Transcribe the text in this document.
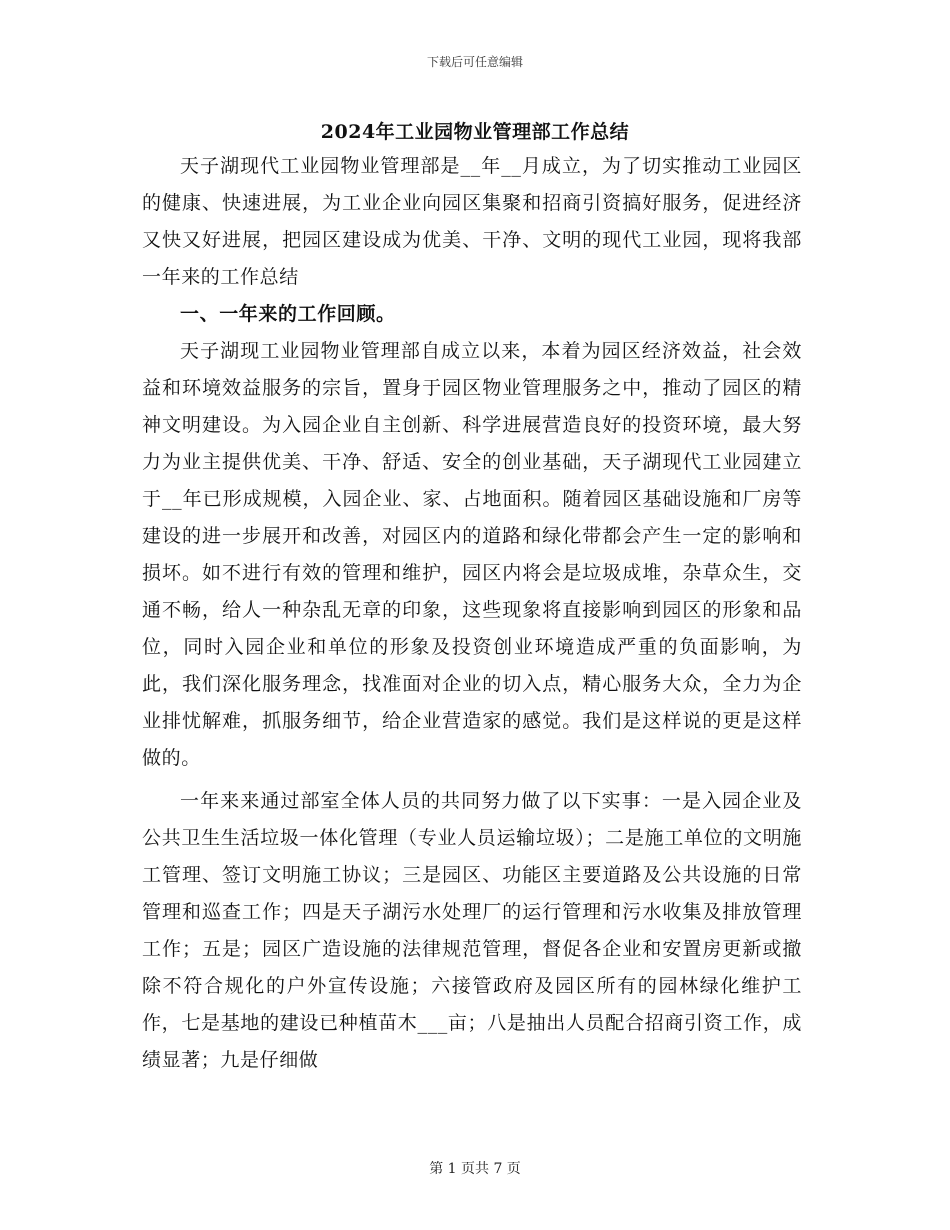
下载后可任意编辑
2024年工业园物业管理部工作总结

天子湖现代工业园物业管理部是__年__月成立，为了切实推动工业园区的健康、快速进展，为工业企业向园区集聚和招商引资搞好服务，促进经济又快又好进展，把园区建设成为优美、干净、文明的现代工业园，现将我部一年来的工作总结

一、一年来的工作回顾。

天子湖现工业园物业管理部自成立以来，本着为园区经济效益，社会效益和环境效益服务的宗旨，置身于园区物业管理服务之中，推动了园区的精神文明建设。为入园企业自主创新、科学进展营造良好的投资环境，最大努力为业主提供优美、干净、舒适、安全的创业基础，天子湖现代工业园建立于__年已形成规模，入园企业、家、占地面积。随着园区基础设施和厂房等建设的进一步展开和改善，对园区内的道路和绿化带都会产生一定的影响和损坏。如不进行有效的管理和维护，园区内将会是垃圾成堆，杂草众生，交通不畅，给人一种杂乱无章的印象，这些现象将直接影响到园区的形象和品位，同时入园企业和单位的形象及投资创业环境造成严重的负面影响，为此，我们深化服务理念，找准面对企业的切入点，精心服务大众，全力为企业排忧解难，抓服务细节，给企业营造家的感觉。我们是这样说的更是这样做的。

一年来来通过部室全体人员的共同努力做了以下实事：一是入园企业及公共卫生生活垃圾一体化管理（专业人员运输垃圾）；二是施工单位的文明施工管理、签订文明施工协议；三是园区、功能区主要道路及公共设施的日常管理和巡查工作；四是天子湖污水处理厂的运行管理和污水收集及排放管理工作；五是；园区广造设施的法律规范管理，督促各企业和安置房更新或撤除不符合规化的户外宣传设施；六接管政府及园区所有的园林绿化维护工作，七是基地的建设已种植苗木___亩；八是抽出人员配合招商引资工作，成绩显著；九是仔细做

第 1 页共 7 页
